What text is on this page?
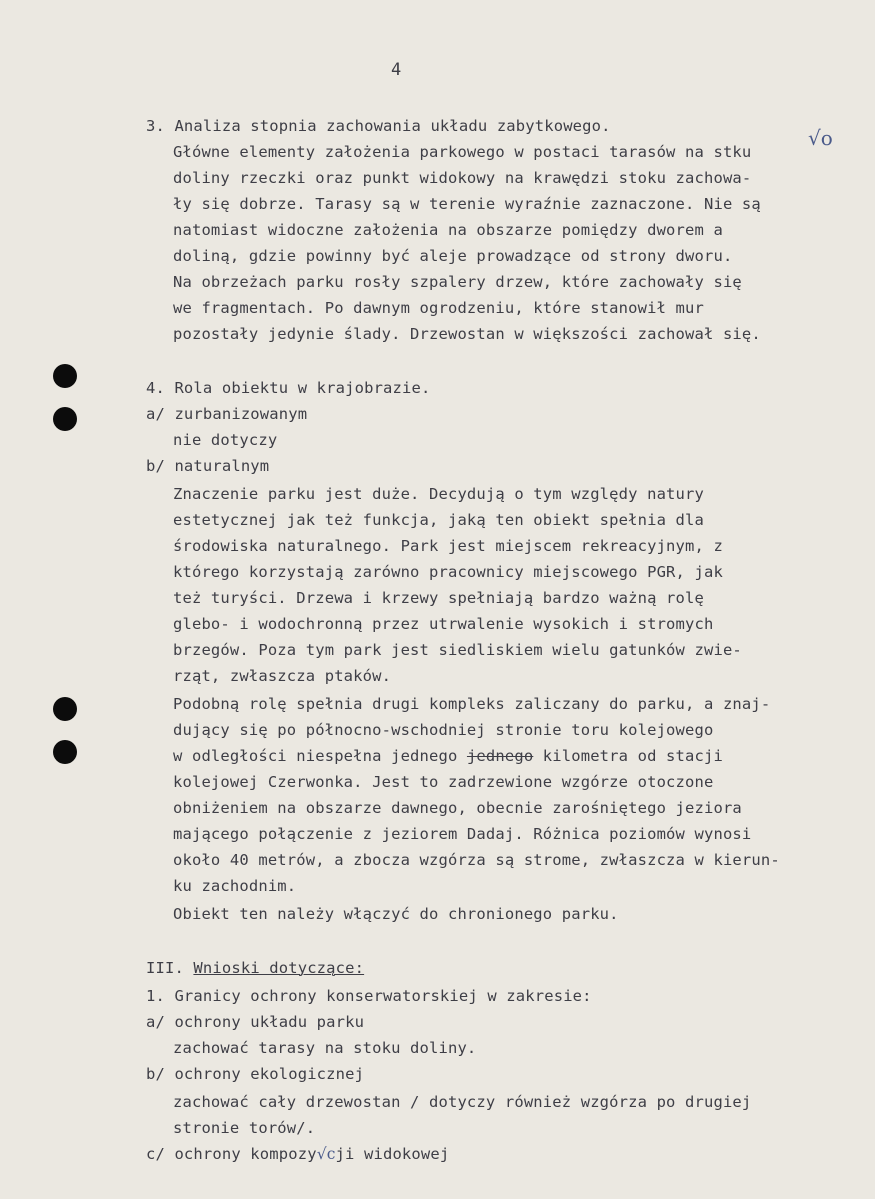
4
3. Analiza stopnia zachowania układu zabytkowego.
Główne elementy założenia parkowego w postaci tarasów na stku
√o
doliny rzeczki oraz punkt widokowy na krawędzi stoku zachowa-
ły się dobrze. Tarasy są w terenie wyraźnie zaznaczone. Nie są
natomiast widoczne założenia na obszarze pomiędzy dworem a
doliną, gdzie powinny być aleje prowadzące od strony dworu.
Na obrzeżach parku rosły szpalery drzew, które zachowały się
we fragmentach. Po dawnym ogrodzeniu, które stanowił mur
pozostały jedynie ślady. Drzewostan w większości zachował się.
4. Rola obiektu w krajobrazie.
a/ zurbanizowanym
nie dotyczy
b/ naturalnym
Znaczenie parku jest duże. Decydują o tym względy natury
estetycznej jak też funkcja, jaką ten obiekt spełnia dla
środowiska naturalnego. Park jest miejscem rekreacyjnym, z
którego korzystają zarówno pracownicy miejscowego PGR, jak
też turyści. Drzewa i krzewy spełniają bardzo ważną rolę
glebo- i wodochronną przez utrwalenie wysokich i stromych
brzegów. Poza tym park jest siedliskiem wielu gatunków zwie-
rząt, zwłaszcza ptaków.
Podobną rolę spełnia drugi kompleks zaliczany do parku, a znaj-
dujący się po północno-wschodniej stronie toru kolejowego
w odległości niespełna jednego jednego kilometra od stacji
kolejowej Czerwonka. Jest to zadrzewione wzgórze otoczone
obniżeniem na obszarze dawnego, obecnie zarośniętego jeziora
mającego połączenie z jeziorem Dadaj. Różnica poziomów wynosi
około 40 metrów, a zbocza wzgórza są strome, zwłaszcza w kierun-
ku zachodnim.
Obiekt ten należy włączyć do chronionego parku.
III. Wnioski dotyczące:
1. Granicy ochrony konserwatorskiej w zakresie:
a/ ochrony układu parku
zachować tarasy na stoku doliny.
b/ ochrony ekologicznej
zachować cały drzewostan / dotyczy również wzgórza po drugiej
stronie torów/.
c/ ochrony kompozy√cji widokowej
